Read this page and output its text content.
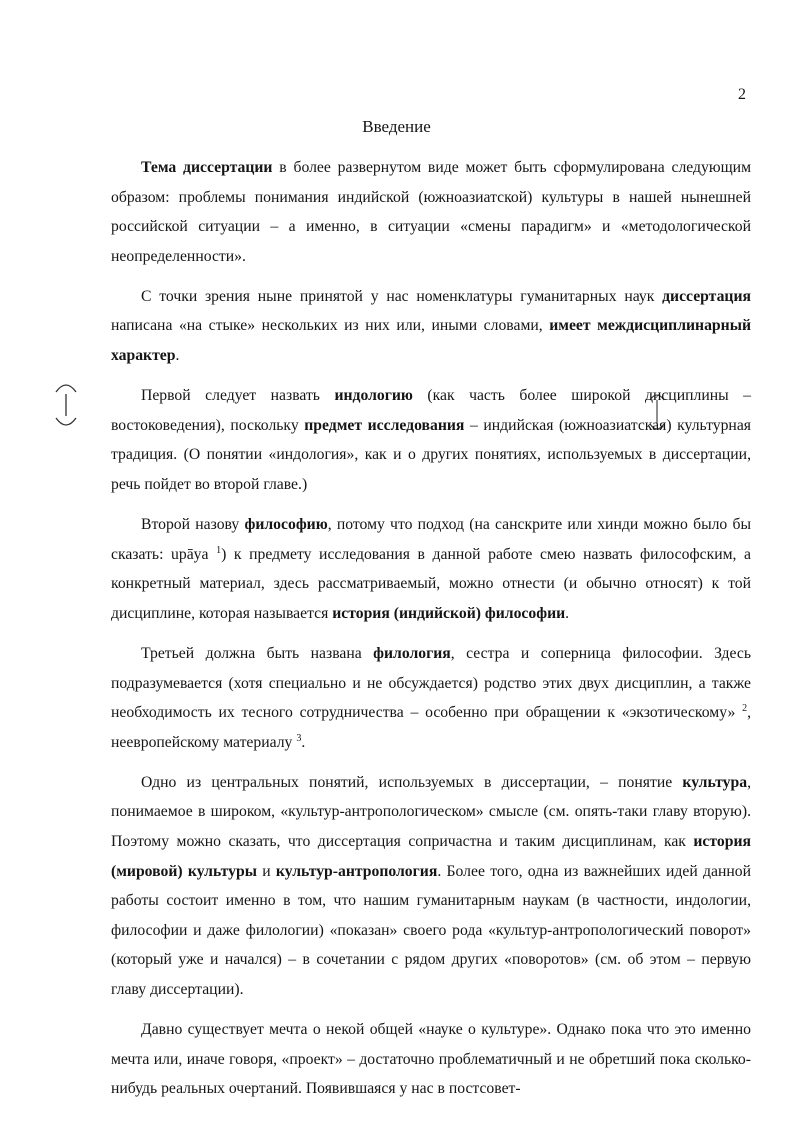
2
Введение

Тема диссертации в более развернутом виде может быть сформулирована следующим образом: проблемы понимания индийской (южноазиатской) культуры в нашей нынешней российской ситуации – а именно, в ситуации «смены парадигм» и «методологической неопределенности».

С точки зрения ныне принятой у нас номенклатуры гуманитарных наук диссертация написана «на стыке» нескольких из них или, иными словами, имеет междисциплинарный характер.

Первой следует назвать индологию (как часть более широкой дисциплины – востоковедения), поскольку предмет исследования – индийская (южноазиатская) культурная традиция. (О понятии «индология», как и о других понятиях, используемых в диссертации, речь пойдет во второй главе.)

Второй назову философию, потому что подход (на санскрите или хинди можно было бы сказать: upāya $^1$) к предмету исследования в данной работе смею назвать философским, а конкретный материал, здесь рассматриваемый, можно отнести (и обычно относят) к той дисциплине, которая называется история (индийской) философии.

Третьей должна быть названа филология, сестра и соперница философии. Здесь подразумевается (хотя специально и не обсуждается) родство этих двух дисциплин, а также необходимость их тесного сотрудничества – особенно при обращении к «экзотическому» $^2$, неевропейскому материалу $^3$.

Одно из центральных понятий, используемых в диссертации, – понятие культура, понимаемое в широком, «культур-антропологическом» смысле (см. опять-таки главу вторую). Поэтому можно сказать, что диссертация сопричастна и таким дисциплинам, как история (мировой) культуры и культур-антропология. Более того, одна из важнейших идей данной работы состоит именно в том, что нашим гуманитарным наукам (в частности, индологии, философии и даже филологии) «показан» своего рода «культур-антропологический поворот» (который уже и начался) – в сочетании с рядом других «поворотов» (см. об этом – первую главу диссертации).

Давно существует мечта о некой общей «науке о культуре». Однако пока что это именно мечта или, иначе говоря, «проект» – достаточно проблематичный и не обретший пока сколько-нибудь реальных очертаний. Появившаяся у нас в постсовет-
